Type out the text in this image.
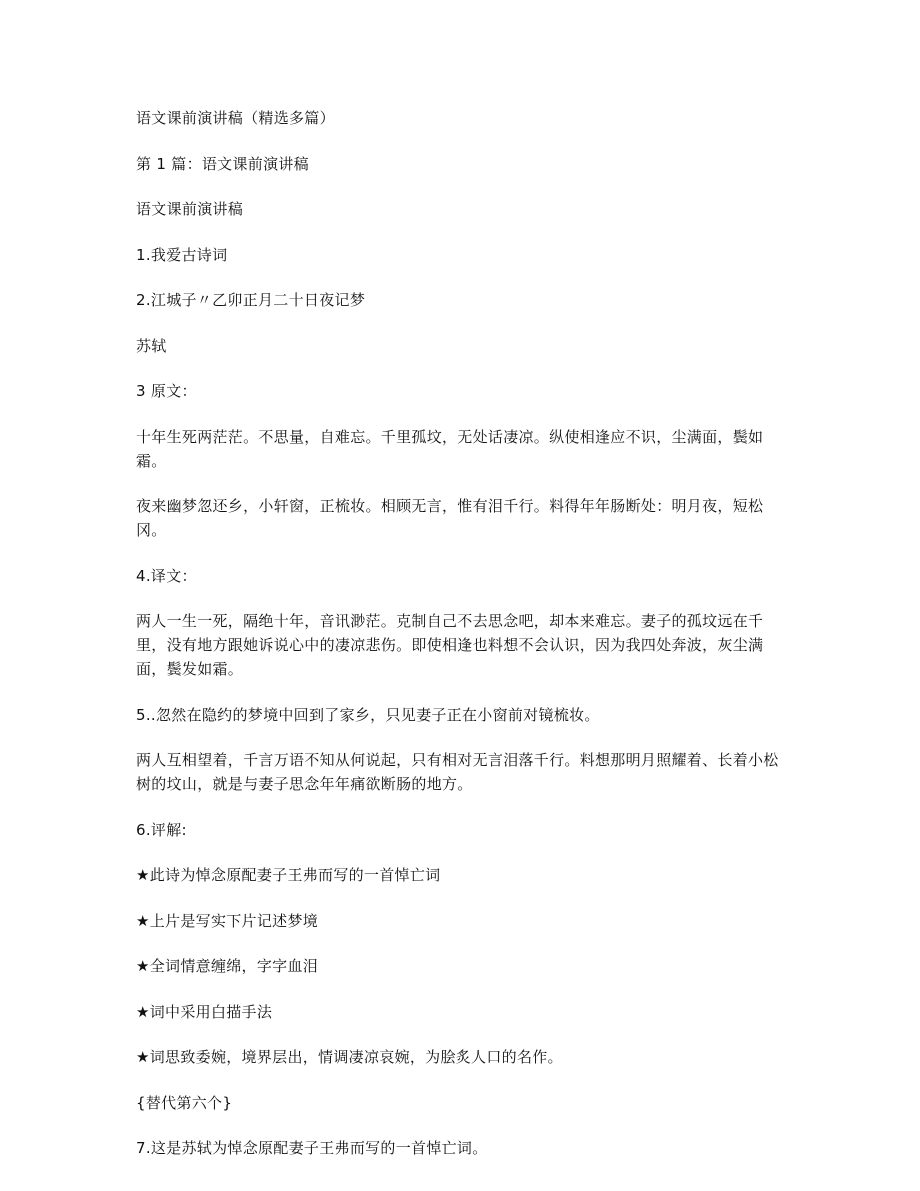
语文课前演讲稿（精选多篇）

第 1 篇：语文课前演讲稿

语文课前演讲稿

1.我爱古诗词

2.江城子〃乙卯正月二十日夜记梦

苏轼

3 原文：

十年生死两茫茫。不思量，自难忘。千里孤坟，无处话凄凉。纵使相逢应不识，尘满面，鬓如霜。

夜来幽梦忽还乡，小轩窗，正梳妆。相顾无言，惟有泪千行。料得年年肠断处：明月夜，短松冈。

4.译文：

两人一生一死，隔绝十年，音讯渺茫。克制自己不去思念吧，却本来难忘。妻子的孤坟远在千里，没有地方跟她诉说心中的凄凉悲伤。即使相逢也料想不会认识，因为我四处奔波，灰尘满面，鬓发如霜。

5..忽然在隐约的梦境中回到了家乡，只见妻子正在小窗前对镜梳妆。

两人互相望着，千言万语不知从何说起，只有相对无言泪落千行。料想那明月照耀着、长着小松树的坟山，就是与妻子思念年年痛欲断肠的地方。

6.评解:

★此诗为悼念原配妻子王弗而写的一首悼亡词

★上片是写实下片记述梦境

★全词情意缠绵，字字血泪

★词中采用白描手法

★词思致委婉，境界层出，情调凄凉哀婉，为脍炙人口的名作。

{替代第六个}

7.这是苏轼为悼念原配妻子王弗而写的一首悼亡词。
